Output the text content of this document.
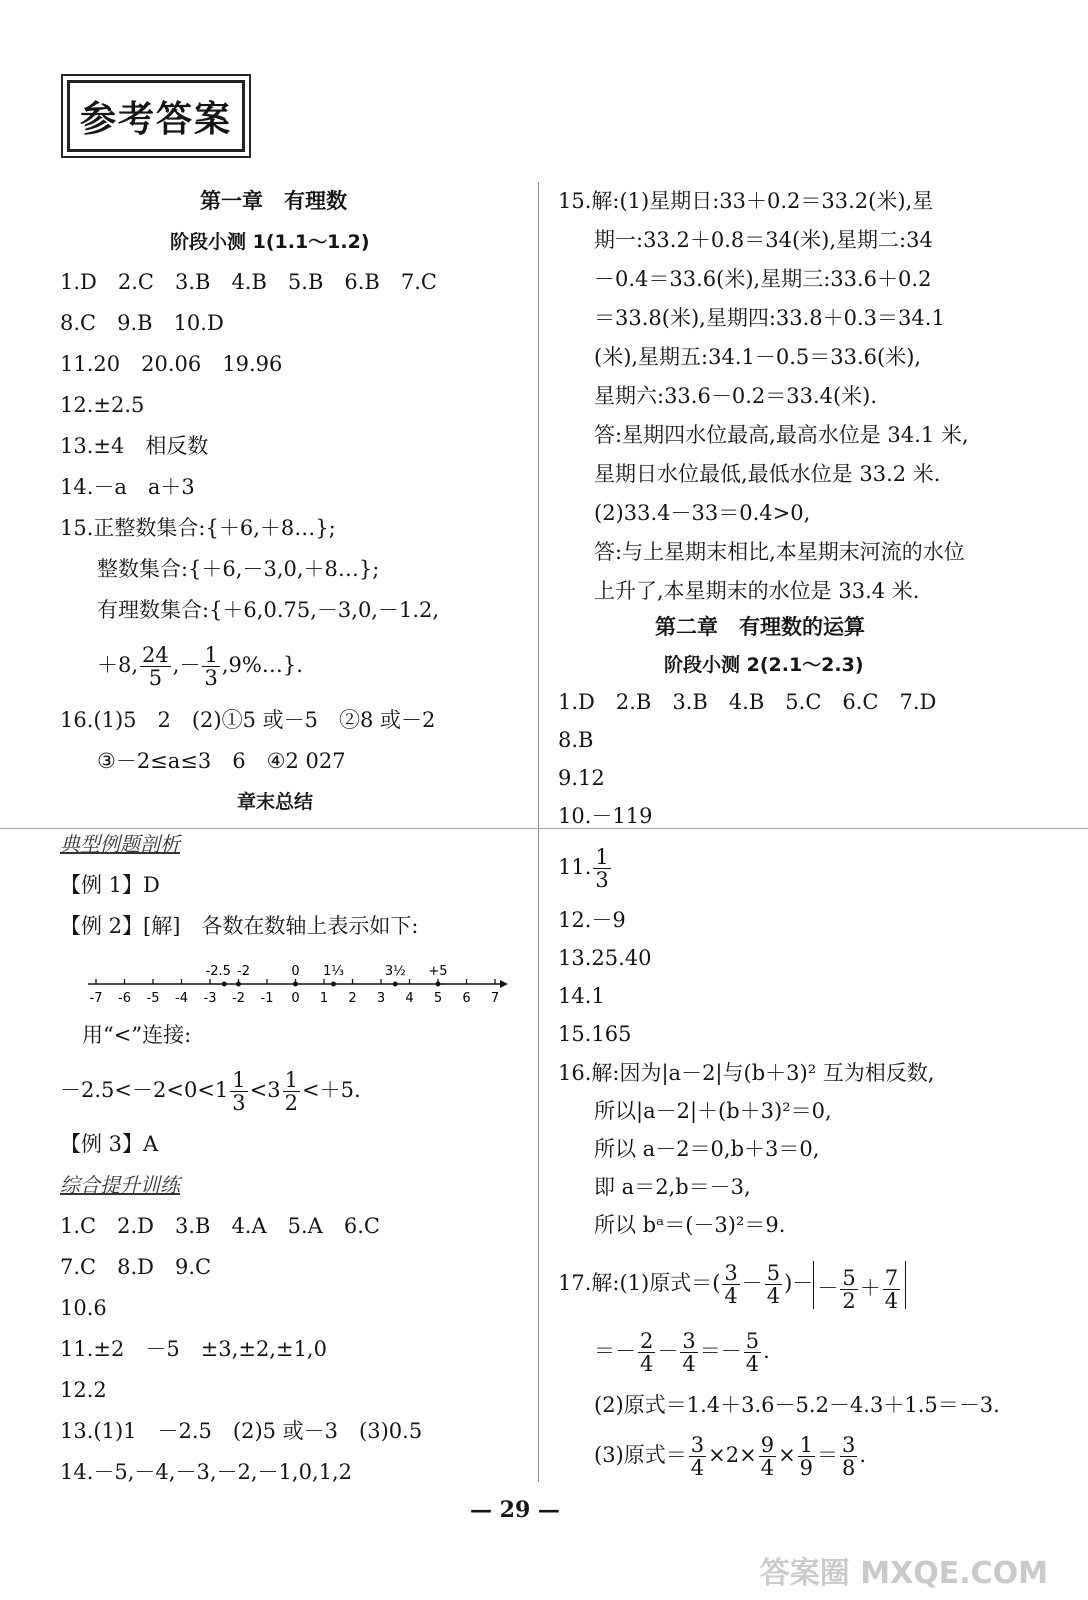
参考答案
第一章　有理数
阶段小测 1(1.1～1.2)
1.D　2.C　3.B　4.B　5.B　6.B　7.C
8.C　9.B　10.D
11.20　20.06　19.96
12.±2.5
13.±4　相反数
14.－a　a＋3
15.正整数集合:{＋6,＋8…};
整数集合:{＋6,－3,0,＋8…};
有理数集合:{＋6,0.75,－3,0,－1.2,
＋8, $\frac{24}{5}$ ,－ $\frac{1}{3}$ ,9%…}.
16.(1)5　2　(2)①5 或－5　②8 或－2
③－2≤a≤3　6　④2 027
章末总结
典型例题剖析
【例 1】D
【例 2】[解]　各数在数轴上表示如下:
-7 -6 -5 -4 -3 -2 -1 0 1 2 3 4 5 6 7
-2.5 -2	0 1⅓	3½ +5
用“<”连接:
$-2.5<-2<0<1 \frac{1}{3} <3 \frac{1}{2} <+5$.
【例 3】A
综合提升训练
1.C　2.D　3.B　4.A　5.A　6.C
7.C　8.D　9.C
10.6
11.±2　－5　±3,±2,±1,0
12.2
13.(1)1　－2.5　(2)5 或－3　(3)0.5
14.－5,－4,－3,－2,－1,0,1,2
15.解:(1)星期日:33＋0.2＝33.2(米),星
期一:33.2＋0.8＝34(米),星期二:34
－0.4＝33.6(米),星期三:33.6＋0.2
＝33.8(米),星期四:33.8＋0.3＝34.1
(米),星期五:34.1－0.5＝33.6(米),
星期六:33.6－0.2＝33.4(米).
答:星期四水位最高,最高水位是 34.1 米,
星期日水位最低,最低水位是 33.2 米.
(2)33.4－33＝0.4>0,
答:与上星期末相比,本星期末河流的水位
上升了,本星期末的水位是 33.4 米.
第二章　有理数的运算
阶段小测 2(2.1～2.3)
1.D　2.B　3.B　4.B　5.C　6.C　7.D
8.B
9.12
10.－119
11. $\frac{1}{3}$
12.－9
13.25.40
14.1
15.165
16.解:因为|a－2|与(b＋3)² 互为相反数,
所以|a－2|＋(b＋3)²＝0,
所以 a－2＝0,b＋3＝0,
即 a＝2,b＝－3,
所以 bᵃ＝(－3)²＝9.
17.解:(1)原式＝( $\frac{3}{4} - \frac{5}{4}$ )－ － $\frac{5}{2} + \frac{7}{4}$
＝－ $\frac{2}{4} - \frac{3}{4} =- \frac{5}{4}$ .
(2)原式＝1.4＋3.6－5.2－4.3＋1.5＝－3.
(3)原式＝ $\frac{3}{4} \times 2\times \frac{9}{4} \times \frac{1}{9} = \frac{3}{8}$ .
— 29 —
答案圈 MXQE.COM
